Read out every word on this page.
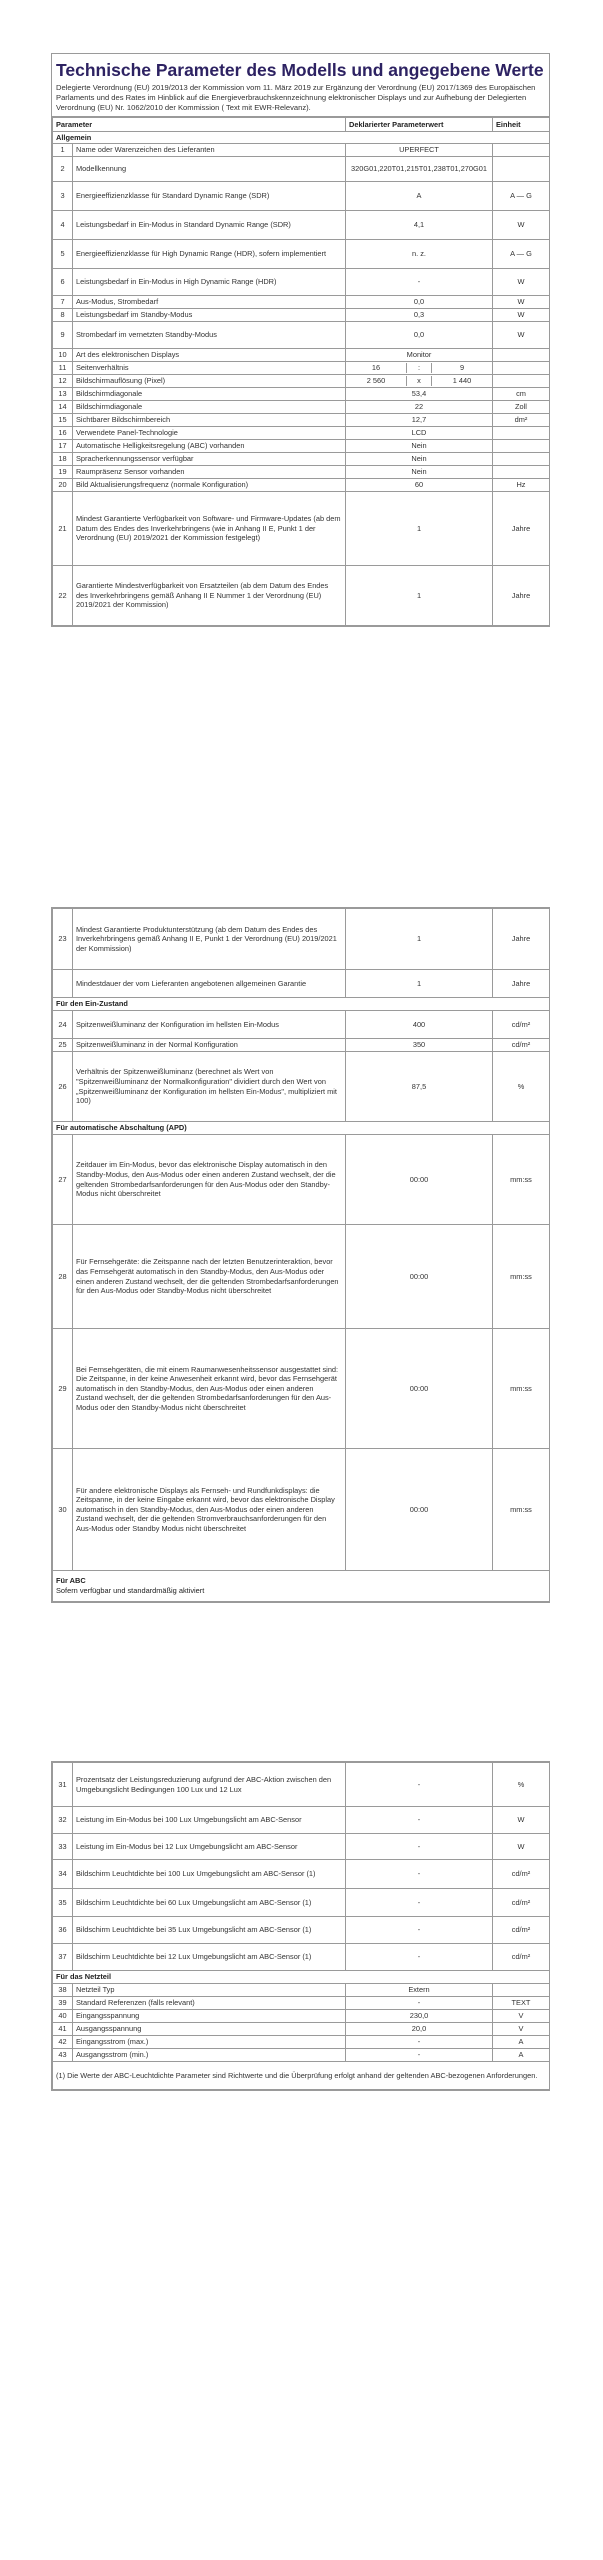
Technische Parameter des Modells und angegebene Werte
Delegierte Verordnung (EU) 2019/2013 der Kommission vom 11. März 2019 zur Ergänzung der Verordnung (EU) 2017/1369 des Europäischen Parlaments und des Rates im Hinblick auf die Energieverbrauchskennzeichnung elektronischer Displays und zur Aufhebung der Delegierten Verordnung (EU) Nr. 1062/2010 der Kommission ( Text mit EWR-Relevanz).
Parameter		Deklarierter Parameterwert	Einheit
Allgemein			
1	Name oder Warenzeichen des Lieferanten	UPERFECT	
2	Modellkennung	320G01,220T01,215T01,238T01,270G01	
3	Energieeffizienzklasse für Standard Dynamic Range (SDR)	A	A — G
4	Leistungsbedarf in Ein-Modus in Standard Dynamic Range (SDR)	4,1	W
5	Energieeffizienzklasse für High Dynamic Range (HDR), sofern implementiert	n. z.	A — G
6	Leistungsbedarf in Ein-Modus in High Dynamic Range (HDR)	-	W
7	Aus-Modus, Strombedarf	0,0	W
8	Leistungsbedarf im Standby-Modus	0,3	W
9	Strombedarf im vernetzten Standby-Modus	0,0	W
10	Art des elektronischen Displays	Monitor	
11	Seitenverhältnis	16 : 9	

12	Bildschirmauflösung (Pixel)	2 560 x 1 440	

13	Bildschirmdiagonale	53,4	cm
14	Bildschirmdiagonale	22	Zoll
15	Sichtbarer Bildschirmbereich	12,7	dm²
16	Verwendete Panel-Technologie	LCD	
17	Automatische Helligkeitsregelung (ABC) vorhanden	Nein	
18	Spracherkennungssensor verfügbar	Nein	
19	Raumpräsenz Sensor vorhanden	Nein	
20	Bild Aktualisierungsfrequenz (normale Konfiguration)	60	Hz
21	Mindest Garantierte Verfügbarkeit von Software- und Firmware-Updates (ab dem Datum des Endes des Inverkehrbringens (wie in Anhang II E, Punkt 1 der Verordnung (EU) 2019/2021 der Kommission festgelegt)	1	Jahre
22	Garantierte Mindestverfügbarkeit von Ersatzteilen (ab dem Datum des Endes des Inverkehrbringens gemäß Anhang II E Nummer 1 der Verordnung (EU) 2019/2021 der Kommission)	1	Jahre
23	Mindest Garantierte Produktunterstützung (ab dem Datum des Endes des Inverkehrbringens gemäß Anhang II E, Punkt 1 der Verordnung (EU) 2019/2021 der Kommission)	1	Jahre
	Mindestdauer der vom Lieferanten angebotenen allgemeinen Garantie	1	Jahre
Für den Ein-Zustand			
24	Spitzenweißluminanz der Konfiguration im hellsten Ein-Modus	400	cd/m²
25	Spitzenweißluminanz in der Normal Konfiguration	350	cd/m²
26	Verhältnis der Spitzenweißluminanz (berechnet als Wert von "Spitzenweißluminanz der Normalkonfiguration" dividiert durch den Wert von „Spitzenweißluminanz der Konfiguration im hellsten Ein-Modus", multipliziert mit 100)	87,5	%
Für automatische Abschaltung (APD)			
27	Zeitdauer im Ein-Modus, bevor das elektronische Display automatisch in den Standby-Modus, den Aus-Modus oder einen anderen Zustand wechselt, der die geltenden Strombedarfsanforderungen für den Aus-Modus oder den Standby-Modus nicht überschreitet	00:00	mm:ss
28	Für Fernsehgeräte: die Zeitspanne nach der letzten Benutzerinteraktion, bevor das Fernsehgerät automatisch in den Standby-Modus, den Aus-Modus oder einen anderen Zustand wechselt, der die geltenden Strombedarfsanforderungen für den Aus-Modus oder Standby-Modus nicht überschreitet	00:00	mm:ss
29	Bei Fernsehgeräten, die mit einem Raumanwesenheitssensor ausgestattet sind: Die Zeitspanne, in der keine Anwesenheit erkannt wird, bevor das Fernsehgerät automatisch in den Standby-Modus, den Aus-Modus oder einen anderen Zustand wechselt, der die geltenden Strombedarfsanforderungen für den Aus-Modus oder den Standby-Modus nicht überschreitet	00:00	mm:ss
30	Für andere elektronische Displays als Fernseh- und Rundfunkdisplays: die Zeitspanne, in der keine Eingabe erkannt wird, bevor das elektronische Display automatisch in den Standby-Modus, den Aus-Modus oder einen anderen Zustand wechselt, der die geltenden Stromverbrauchsanforderungen für den Aus-Modus oder Standby Modus nicht überschreitet	00:00	mm:ss

Für ABC
Sofern verfügbar und standardmäßig aktiviert			
31	Prozentsatz der Leistungsreduzierung aufgrund der ABC-Aktion zwischen den Umgebungslicht Bedingungen 100 Lux und 12 Lux	-	%
32	Leistung im Ein-Modus bei 100 Lux Umgebungslicht am ABC-Sensor	-	W
33	Leistung im Ein-Modus bei 12 Lux Umgebungslicht am ABC-Sensor	-	W
34	Bildschirm Leuchtdichte bei 100 Lux Umgebungslicht am ABC-Sensor (1)	-	cd/m²
35	Bildschirm Leuchtdichte bei 60 Lux Umgebungslicht am ABC-Sensor (1)	-	cd/m²
36	Bildschirm Leuchtdichte bei 35 Lux Umgebungslicht am ABC-Sensor (1)	-	cd/m²
37	Bildschirm Leuchtdichte bei 12 Lux Umgebungslicht am ABC-Sensor (1)	-	cd/m²
Für das Netzteil			
38	Netzteil Typ	Extern	
39	Standard Referenzen (falls relevant)	-	TEXT
40	Eingangsspannung	230,0	V
41	Ausgangsspannung	20,0	V
42	Eingangsstrom (max.)	-	A
43	Ausgangsstrom (min.)	-	A
(1) Die Werte der ABC-Leuchtdichte Parameter sind Richtwerte und die Überprüfung erfolgt anhand der geltenden ABC-bezogenen Anforderungen.			
